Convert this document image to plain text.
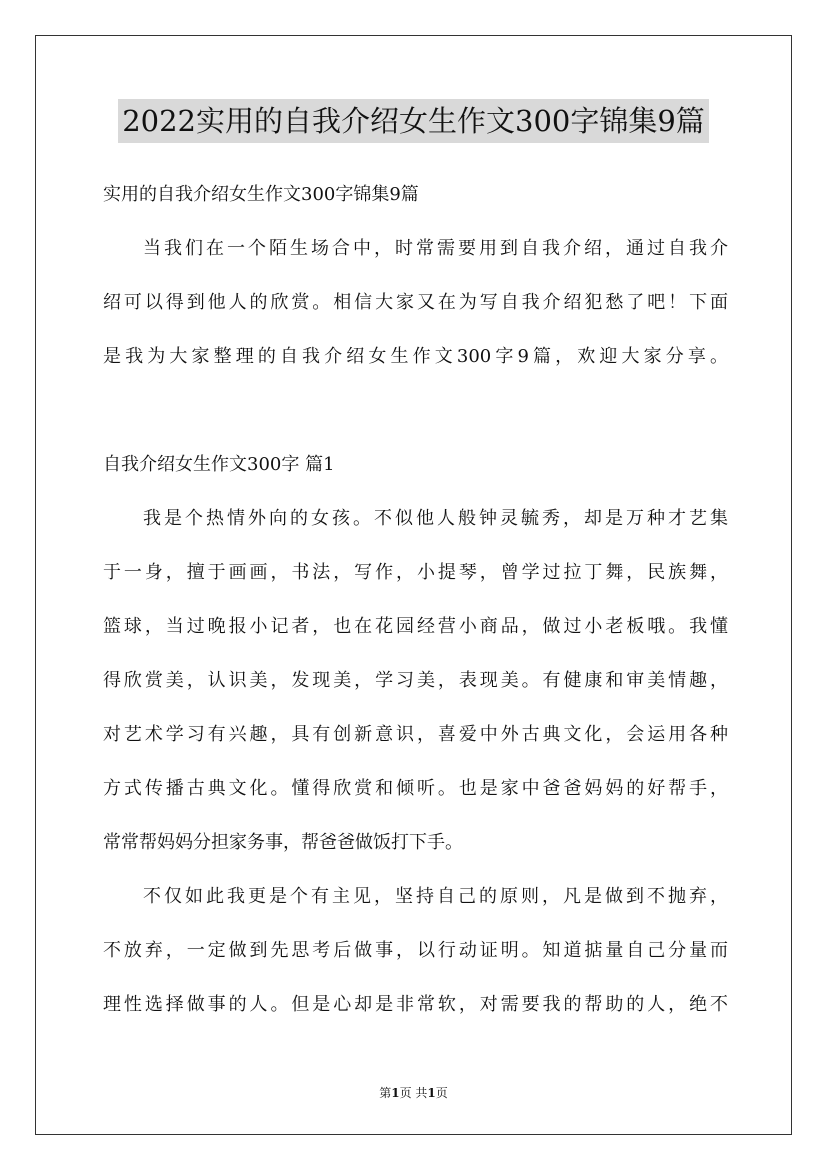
2022实用的自我介绍女生作文300字锦集9篇
实用的自我介绍女生作文300字锦集9篇
当我们在一个陌生场合中，时常需要用到自我介绍，通过自我介
绍可以得到他人的欣赏。相信大家又在为写自我介绍犯愁了吧！下面
是我为大家整理的自我介绍女生作文300字9篇，欢迎大家分享。
自我介绍女生作文300字 篇1
我是个热情外向的女孩。不似他人般钟灵毓秀，却是万种才艺集
于一身，擅于画画，书法，写作，小提琴，曾学过拉丁舞，民族舞，
篮球，当过晚报小记者，也在花园经营小商品，做过小老板哦。我懂
得欣赏美，认识美，发现美，学习美，表现美。有健康和审美情趣，
对艺术学习有兴趣，具有创新意识，喜爱中外古典文化，会运用各种
方式传播古典文化。懂得欣赏和倾听。也是家中爸爸妈妈的好帮手，
常常帮妈妈分担家务事，帮爸爸做饭打下手。
不仅如此我更是个有主见，坚持自己的原则，凡是做到不抛弃，
不放弃，一定做到先思考后做事，以行动证明。知道掂量自己分量而
理性选择做事的人。但是心却是非常软，对需要我的帮助的人，绝不
第1页 共1页
